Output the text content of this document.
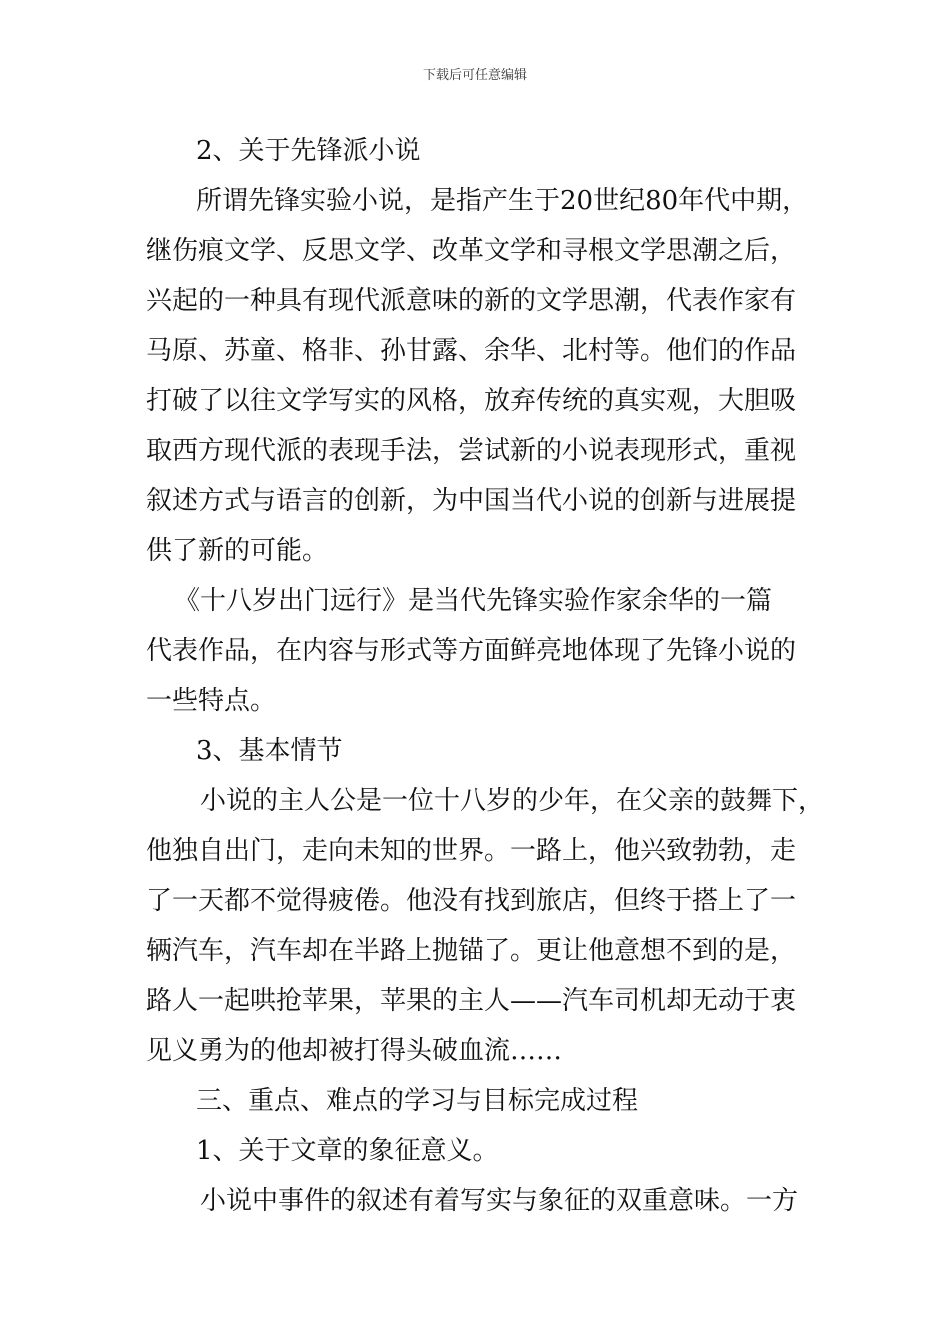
下载后可任意编辑
2、关于先锋派小说
所谓先锋实验小说，是指产生于20世纪80年代中期，
继伤痕文学、反思文学、改革文学和寻根文学思潮之后，
兴起的一种具有现代派意味的新的文学思潮，代表作家有
马原、苏童、格非、孙甘露、余华、北村等。他们的作品
打破了以往文学写实的风格，放弃传统的真实观，大胆吸
取西方现代派的表现手法，尝试新的小说表现形式，重视
叙述方式与语言的创新，为中国当代小说的创新与进展提
供了新的可能。
《十八岁出门远行》是当代先锋实验作家余华的一篇
代表作品，在内容与形式等方面鲜亮地体现了先锋小说的
一些特点。
3、基本情节
小说的主人公是一位十八岁的少年，在父亲的鼓舞下，
他独自出门，走向未知的世界。一路上，他兴致勃勃，走
了一天都不觉得疲倦。他没有找到旅店，但终于搭上了一
辆汽车，汽车却在半路上抛锚了。更让他意想不到的是，
路人一起哄抢苹果，苹果的主人——汽车司机却无动于衷
见义勇为的他却被打得头破血流……
三、重点、难点的学习与目标完成过程
1、关于文章的象征意义。
小说中事件的叙述有着写实与象征的双重意味。一方
